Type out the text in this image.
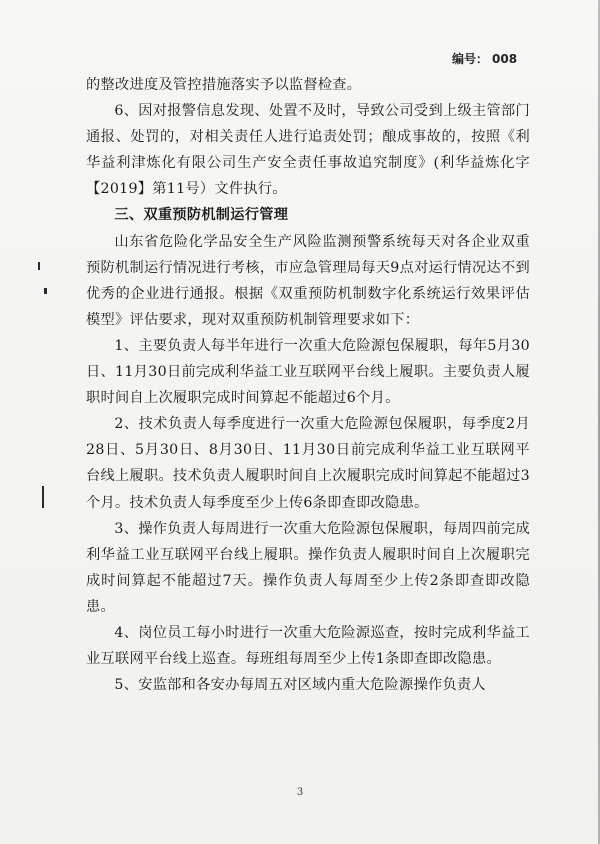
编号： 008

的整改进度及管控措施落实予以监督检查。

6、因对报警信息发现、处置不及时，导致公司受到上级主管部门通报、处罚的，对相关责任人进行追责处罚；酿成事故的，按照《利华益利津炼化有限公司生产安全责任事故追究制度》(利华益炼化字【2019】第11号）文件执行。

三、双重预防机制运行管理

山东省危险化学品安全生产风险监测预警系统每天对各企业双重预防机制运行情况进行考核，市应急管理局每天9点对运行情况达不到优秀的企业进行通报。根据《双重预防机制数字化系统运行效果评估模型》评估要求，现对双重预防机制管理要求如下：

1、主要负责人每半年进行一次重大危险源包保履职，每年5月30日、11月30日前完成利华益工业互联网平台线上履职。主要负责人履职时间自上次履职完成时间算起不能超过6个月。

2、技术负责人每季度进行一次重大危险源包保履职，每季度2月28日、5月30日、8月30日、11月30日前完成利华益工业互联网平台线上履职。技术负责人履职时间自上次履职完成时间算起不能超过3个月。技术负责人每季度至少上传6条即查即改隐患。

3、操作负责人每周进行一次重大危险源包保履职，每周四前完成利华益工业互联网平台线上履职。操作负责人履职时间自上次履职完成时间算起不能超过7天。操作负责人每周至少上传2条即查即改隐患。

4、岗位员工每小时进行一次重大危险源巡查，按时完成利华益工业互联网平台线上巡查。每班组每周至少上传1条即查即改隐患。

5、安监部和各安办每周五对区域内重大危险源操作负责人

3
